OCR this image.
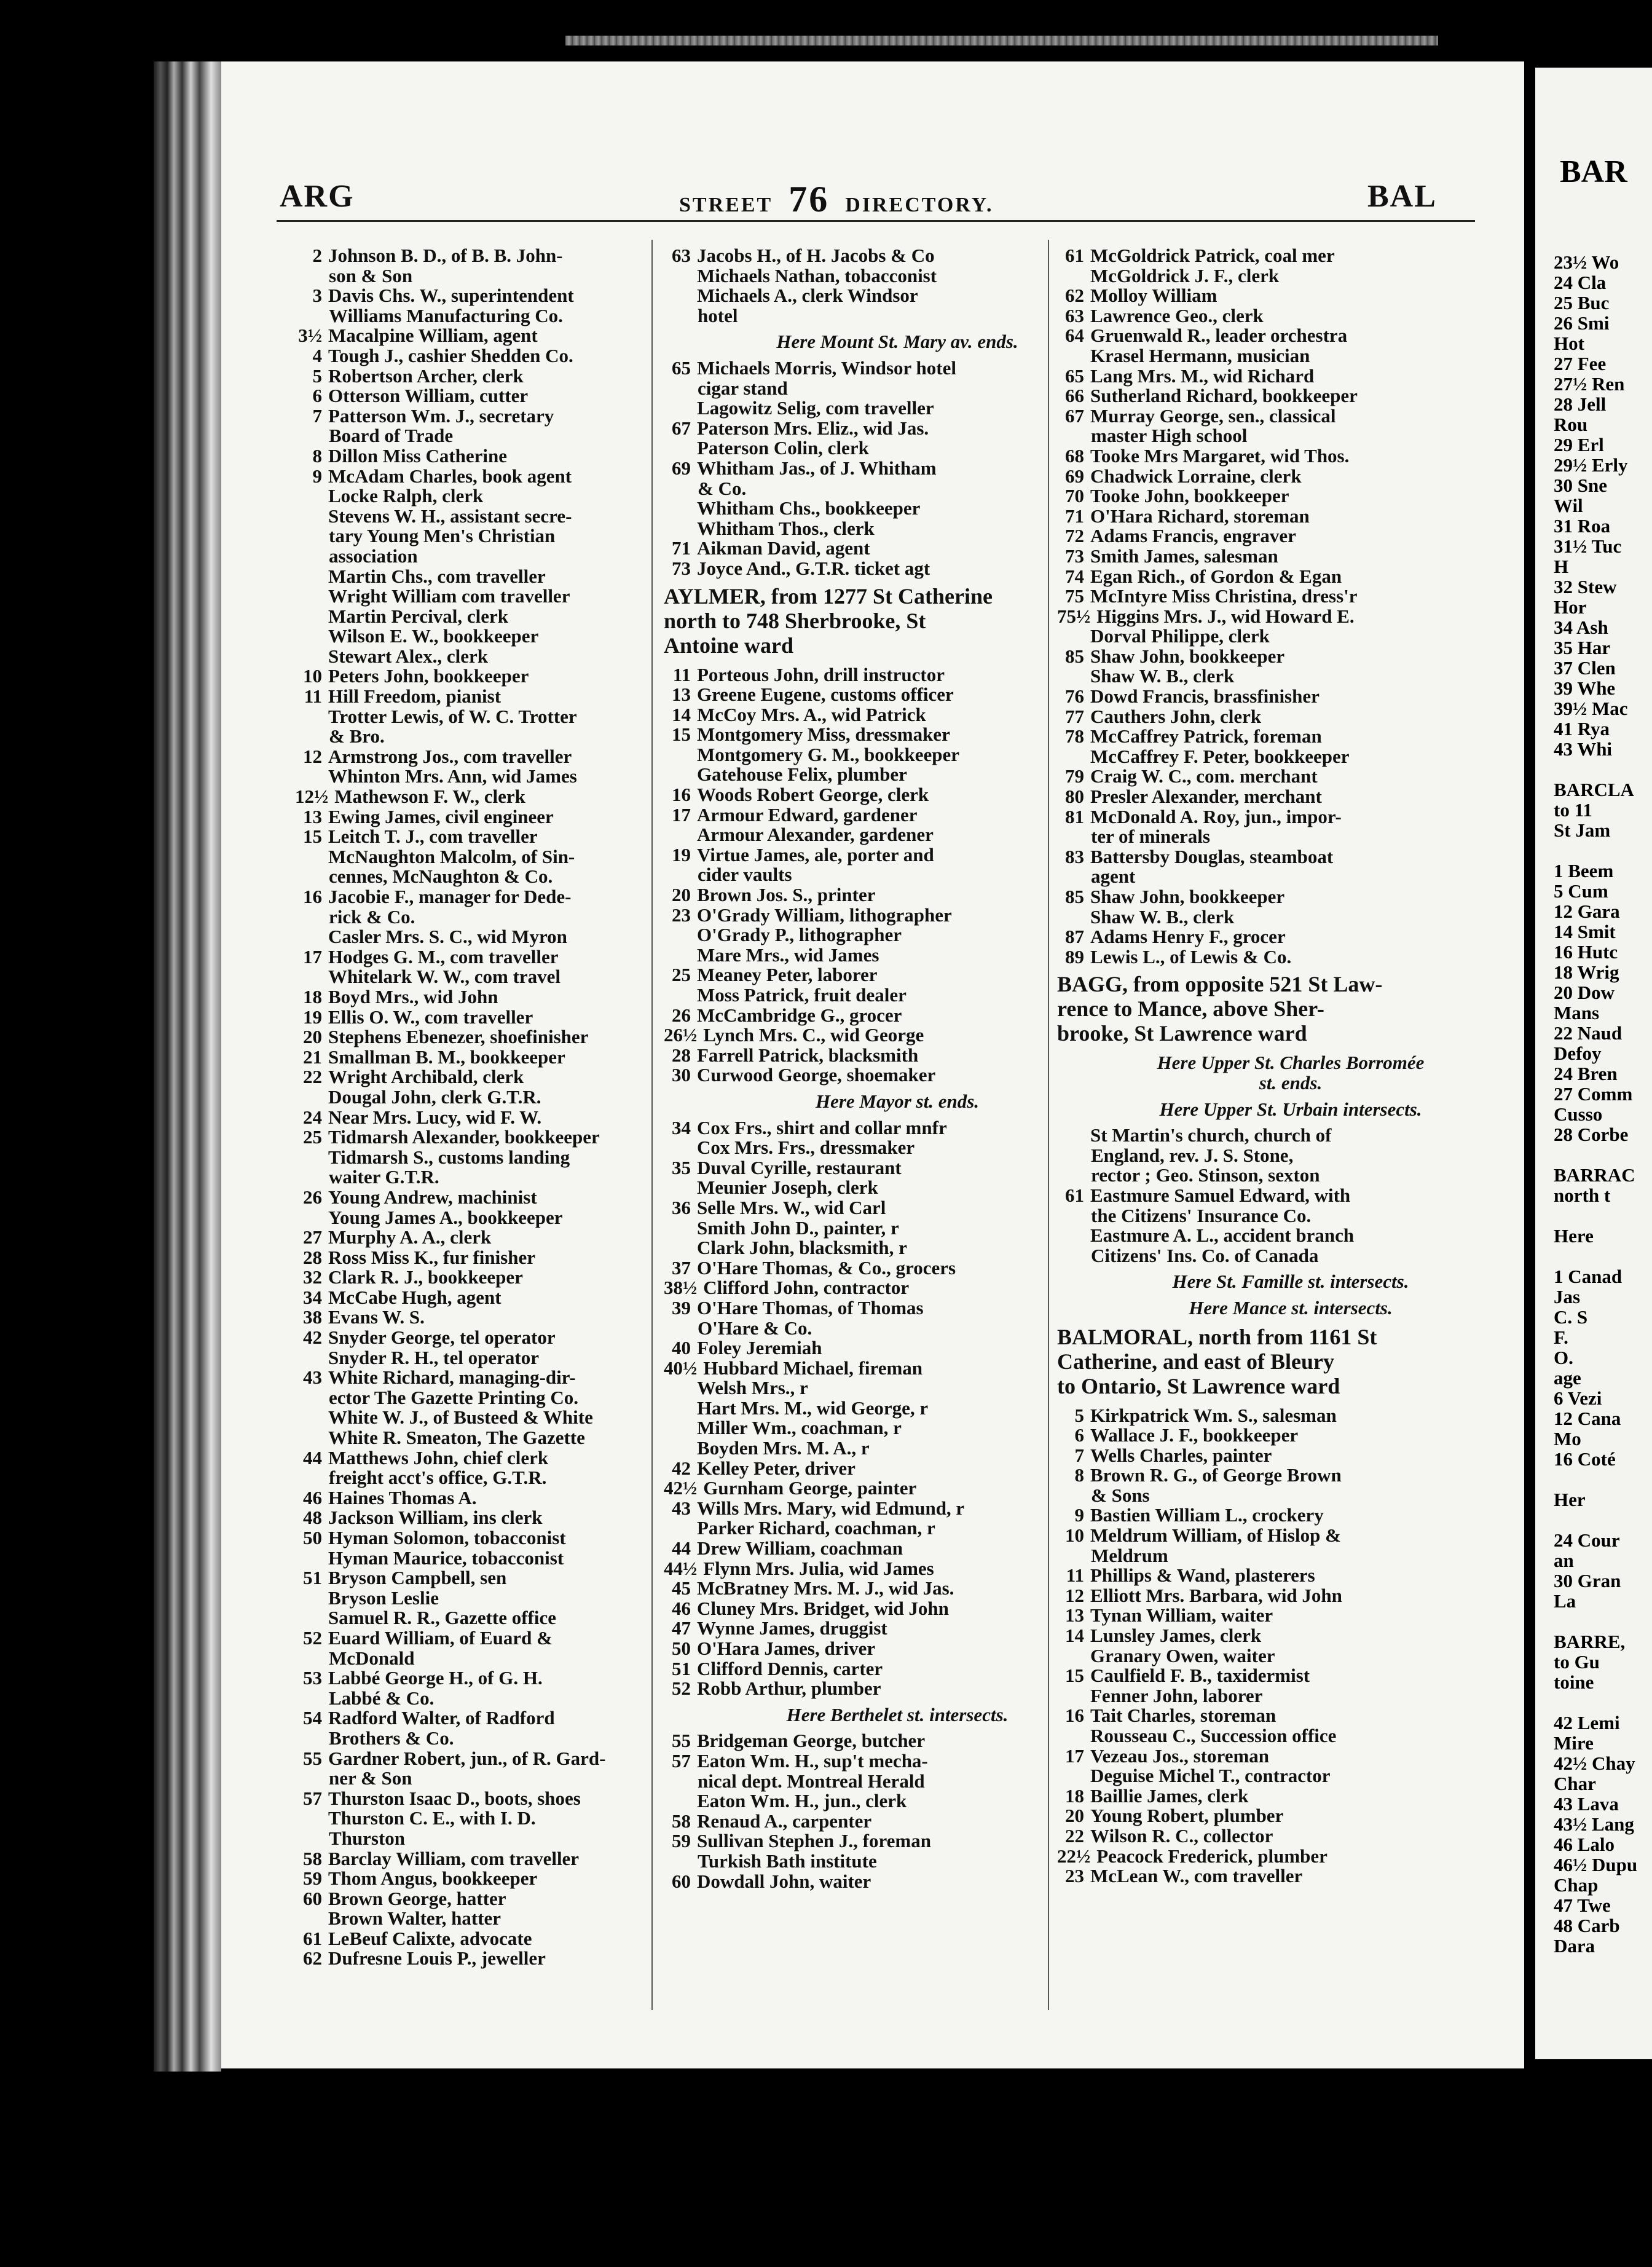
ARG	STREET 76 DIRECTORY.	BAL
2 Johnson B. D., of B. B. John-
son & Son
3 Davis Chs. W., superintendent
Williams Manufacturing Co.
3½ Macalpine William, agent
4 Tough J., cashier Shedden Co.
5 Robertson Archer, clerk
6 Otterson William, cutter
7 Patterson Wm. J., secretary
Board of Trade
8 Dillon Miss Catherine
9 McAdam Charles, book agent
Locke Ralph, clerk
Stevens W. H., assistant secre-
tary Young Men's Christian
association
Martin Chs., com traveller
Wright William com traveller
Martin Percival, clerk
Wilson E. W., bookkeeper
Stewart Alex., clerk
10 Peters John, bookkeeper
11 Hill Freedom, pianist
Trotter Lewis, of W. C. Trotter
& Bro.
12 Armstrong Jos., com traveller
Whinton Mrs. Ann, wid James
12½ Mathewson F. W., clerk
13 Ewing James, civil engineer
15 Leitch T. J., com traveller
McNaughton Malcolm, of Sin-
cennes, McNaughton & Co.
16 Jacobie F., manager for Dede-
rick & Co.
Casler Mrs. S. C., wid Myron
17 Hodges G. M., com traveller
Whitelark W. W., com travel
18 Boyd Mrs., wid John
19 Ellis O. W., com traveller
20 Stephens Ebenezer, shoefinisher
21 Smallman B. M., bookkeeper
22 Wright Archibald, clerk
Dougal John, clerk G.T.R.
24 Near Mrs. Lucy, wid F. W.
25 Tidmarsh Alexander, bookkeeper
Tidmarsh S., customs landing
waiter G.T.R.
26 Young Andrew, machinist
Young James A., bookkeeper
27 Murphy A. A., clerk
28 Ross Miss K., fur finisher
32 Clark R. J., bookkeeper
34 McCabe Hugh, agent
38 Evans W. S.
42 Snyder George, tel operator
Snyder R. H., tel operator
43 White Richard, managing-dir-
ector The Gazette Printing Co.
White W. J., of Busteed & White
White R. Smeaton, The Gazette
44 Matthews John, chief clerk
freight acct's office, G.T.R.
46 Haines Thomas A.
48 Jackson William, ins clerk
50 Hyman Solomon, tobacconist
Hyman Maurice, tobacconist
51 Bryson Campbell, sen
Bryson Leslie
Samuel R. R., Gazette office
52 Euard William, of Euard &
McDonald
53 Labbé George H., of G. H.
Labbé & Co.
54 Radford Walter, of Radford
Brothers & Co.
55 Gardner Robert, jun., of R. Gard-
ner & Son
57 Thurston Isaac D., boots, shoes
Thurston C. E., with I. D.
Thurston
58 Barclay William, com traveller
59 Thom Angus, bookkeeper
60 Brown George, hatter
Brown Walter, hatter
61 LeBeuf Calixte, advocate
62 Dufresne Louis P., jeweller
63 Jacobs H., of H. Jacobs & Co
Michaels Nathan, tobacconist
Michaels A., clerk Windsor
hotel
Here Mount St. Mary av. ends.
65 Michaels Morris, Windsor hotel
cigar stand
Lagowitz Selig, com traveller
67 Paterson Mrs. Eliz., wid Jas.
Paterson Colin, clerk
69 Whitham Jas., of J. Whitham
& Co.
Whitham Chs., bookkeeper
Whitham Thos., clerk
71 Aikman David, agent
73 Joyce And., G.T.R. ticket agt
AYLMER, from 1277 St Catherine
north to 748 Sherbrooke, St
Antoine ward
11 Porteous John, drill instructor
13 Greene Eugene, customs officer
14 McCoy Mrs. A., wid Patrick
15 Montgomery Miss, dressmaker
Montgomery G. M., bookkeeper
Gatehouse Felix, plumber
16 Woods Robert George, clerk
17 Armour Edward, gardener
Armour Alexander, gardener
19 Virtue James, ale, porter and
cider vaults
20 Brown Jos. S., printer
23 O'Grady William, lithographer
O'Grady P., lithographer
Mare Mrs., wid James
25 Meaney Peter, laborer
Moss Patrick, fruit dealer
26 McCambridge G., grocer
26½ Lynch Mrs. C., wid George
28 Farrell Patrick, blacksmith
30 Curwood George, shoemaker
Here Mayor st. ends.
34 Cox Frs., shirt and collar mnfr
Cox Mrs. Frs., dressmaker
35 Duval Cyrille, restaurant
Meunier Joseph, clerk
36 Selle Mrs. W., wid Carl
Smith John D., painter, r
Clark John, blacksmith, r
37 O'Hare Thomas, & Co., grocers
38½ Clifford John, contractor
39 O'Hare Thomas, of Thomas
O'Hare & Co.
40 Foley Jeremiah
40½ Hubbard Michael, fireman
Welsh Mrs., r
Hart Mrs. M., wid George, r
Miller Wm., coachman, r
Boyden Mrs. M. A., r
42 Kelley Peter, driver
42½ Gurnham George, painter
43 Wills Mrs. Mary, wid Edmund, r
Parker Richard, coachman, r
44 Drew William, coachman
44½ Flynn Mrs. Julia, wid James
45 McBratney Mrs. M. J., wid Jas.
46 Cluney Mrs. Bridget, wid John
47 Wynne James, druggist
50 O'Hara James, driver
51 Clifford Dennis, carter
52 Robb Arthur, plumber
Here Berthelet st. intersects.
55 Bridgeman George, butcher
57 Eaton Wm. H., sup't mecha-
nical dept. Montreal Herald
Eaton Wm. H., jun., clerk
58 Renaud A., carpenter
59 Sullivan Stephen J., foreman
Turkish Bath institute
60 Dowdall John, waiter
61 McGoldrick Patrick, coal mer
McGoldrick J. F., clerk
62 Molloy William
63 Lawrence Geo., clerk
64 Gruenwald R., leader orchestra
Krasel Hermann, musician
65 Lang Mrs. M., wid Richard
66 Sutherland Richard, bookkeeper
67 Murray George, sen., classical
master High school
68 Tooke Mrs Margaret, wid Thos.
69 Chadwick Lorraine, clerk
70 Tooke John, bookkeeper
71 O'Hara Richard, storeman
72 Adams Francis, engraver
73 Smith James, salesman
74 Egan Rich., of Gordon & Egan
75 McIntyre Miss Christina, dress'r
75½ Higgins Mrs. J., wid Howard E.
Dorval Philippe, clerk
85 Shaw John, bookkeeper
Shaw W. B., clerk
76 Dowd Francis, brassfinisher
77 Cauthers John, clerk
78 McCaffrey Patrick, foreman
McCaffrey F. Peter, bookkeeper
79 Craig W. C., com. merchant
80 Presler Alexander, merchant
81 McDonald A. Roy, jun., impor-
ter of minerals
83 Battersby Douglas, steamboat
agent
85 Shaw John, bookkeeper
Shaw W. B., clerk
87 Adams Henry F., grocer
89 Lewis L., of Lewis & Co.
BAGG, from opposite 521 St Law-
rence to Mance, above Sher-
brooke, St Lawrence ward
Here Upper St. Charles Borromée
st. ends.
Here Upper St. Urbain intersects.
St Martin's church, church of
England, rev. J. S. Stone,
rector ; Geo. Stinson, sexton
61 Eastmure Samuel Edward, with
the Citizens' Insurance Co.
Eastmure A. L., accident branch
Citizens' Ins. Co. of Canada
Here St. Famille st. intersects.
Here Mance st. intersects.
BALMORAL, north from 1161 St
Catherine, and east of Bleury
to Ontario, St Lawrence ward
5 Kirkpatrick Wm. S., salesman
6 Wallace J. F., bookkeeper
7 Wells Charles, painter
8 Brown R. G., of George Brown
& Sons
9 Bastien William L., crockery
10 Meldrum William, of Hislop &
Meldrum
11 Phillips & Wand, plasterers
12 Elliott Mrs. Barbara, wid John
13 Tynan William, waiter
14 Lunsley James, clerk
Granary Owen, waiter
15 Caulfield F. B., taxidermist
Fenner John, laborer
16 Tait Charles, storeman
Rousseau C., Succession office
17 Vezeau Jos., storeman
Deguise Michel T., contractor
18 Baillie James, clerk
20 Young Robert, plumber
22 Wilson R. C., collector
22½ Peacock Frederick, plumber
23 McLean W., com traveller
BAR
23½ Wo
24 Cla
25 Buc
26 Smi
Hot
27 Fee
27½ Ren
28 Jell
Rou
29 Erl
29½ Erly
30 Sne
Wil
31 Roa
31½ Tuc
H
32 Stew
Hor
34 Ash
35 Har
37 Clen
39 Whe
39½ Mac
41 Rya
43 Whi

BARCLA
to 11
St Jam

1 Beem
5 Cum
12 Gara
14 Smit
16 Hutc
18 Wrig
20 Dow
Mans
22 Naud
Defoy
24 Bren
27 Comm
Cusso
28 Corbe

BARRAC
north t

Here

1 Canad
Jas
C. S
F.
O.
age
6 Vezi
12 Cana
Mo
16 Coté

Her

24 Cour
an
30 Gran
La

BARRE,
to Gu
toine

42 Lemi
Mire
42½ Chay
Char
43 Lava
43½ Lang
46 Lalo
46½ Dupu
Chap
47 Twe
48 Carb
Dara
